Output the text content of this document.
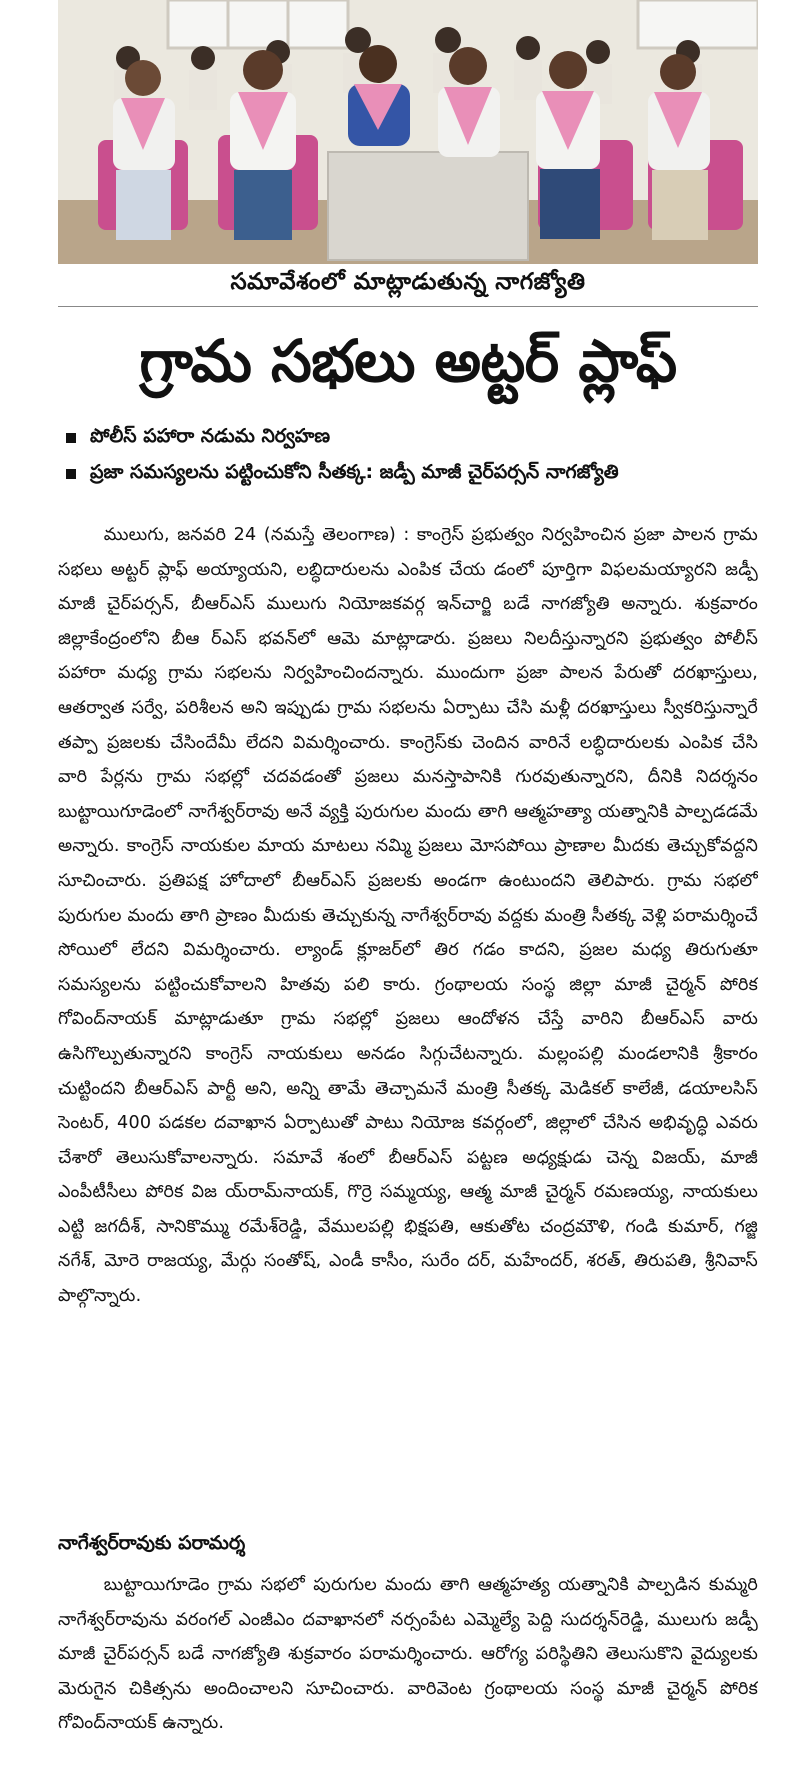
సమావేశంలో మాట్లాడుతున్న నాగజ్యోతి
గ్రామ సభలు అట్టర్ ప్లాఫ్
పోలీస్ పహారా నడుమ నిర్వహణ
ప్రజా సమస్యలను పట్టించుకోని సీతక్క: జడ్పీ మాజీ చైర్‌పర్సన్ నాగజ్యోతి
ములుగు, జనవరి 24 (నమస్తే తెలంగాణ) : కాంగ్రెస్ ప్రభుత్వం నిర్వహించిన ప్రజా పాలన గ్రామ సభలు అట్టర్ ప్లాఫ్ అయ్యాయని, లబ్ధిదారులను ఎంపిక చేయ డంలో పూర్తిగా విఫలమయ్యారని జడ్పీ మాజీ చైర్‌పర్సన్, బీఆర్‌ఎస్ ములుగు నియోజకవర్గ ఇన్‌చార్జి బడే నాగజ్యోతి అన్నారు. శుక్రవారం జిల్లాకేంద్రంలోని బీఆ ర్‌ఎస్ భవన్‌లో ఆమె మాట్లాడారు. ప్రజలు నిలదీస్తున్నారని ప్రభుత్వం పోలీస్ పహారా మధ్య గ్రామ సభలను నిర్వహించిందన్నారు. ముందుగా ప్రజా పాలన పేరుతో దరఖాస్తులు, ఆతర్వాత సర్వే, పరిశీలన అని ఇప్పుడు గ్రామ సభలను ఏర్పాటు చేసి మళ్లీ దరఖాస్తులు స్వీకరిస్తున్నారే తప్పా ప్రజలకు చేసిందేమీ లేదని విమర్శించారు. కాంగ్రెస్‌కు చెందిన వారినే లబ్ధిదారులకు ఎంపిక చేసి వారి పేర్లను గ్రామ సభల్లో చదవడంతో ప్రజలు మనస్తాపానికి గురవుతున్నారని, దీనికి నిదర్శనం బుట్టాయిగూడెంలో నాగేశ్వర్‌రావు అనే వ్యక్తి పురుగుల మందు తాగి ఆత్మహత్యా యత్నానికి పాల్పడడమే అన్నారు. కాంగ్రెస్ నాయకుల మాయ మాటలు నమ్మి ప్రజలు మోసపోయి ప్రాణాల మీదకు తెచ్చుకోవద్దని సూచించారు. ప్రతిపక్ష హోదాలో బీఆర్‌ఎస్ ప్రజలకు అండగా ఉంటుందని తెలిపారు. గ్రామ సభలో పురుగుల మందు తాగి ప్రాణం మీదుకు తెచ్చుకున్న నాగేశ్వర్‌రావు వద్దకు మంత్రి సీతక్క వెళ్లి పరామర్శించే సోయిలో లేదని విమర్శించారు. ల్యాండ్ క్లూజర్‌లో తిర గడం కాదని, ప్రజల మధ్య తిరుగుతూ సమస్యలను పట్టించుకోవాలని హితవు పలి కారు. గ్రంథాలయ సంస్థ జిల్లా మాజీ చైర్మన్ పోరిక గోవింద్‌నాయక్ మాట్లాడుతూ గ్రామ సభల్లో ప్రజలు ఆందోళన చేస్తే వారిని బీఆర్‌ఎస్ వారు ఉసిగొల్పుతున్నారని కాంగ్రెస్ నాయకులు అనడం సిగ్గుచేటన్నారు. మల్లంపల్లి మండలానికి శ్రీకారం చుట్టిందని బీఆర్‌ఎస్ పార్టీ అని, అన్ని తామే తెచ్చామనే మంత్రి సీతక్క మెడికల్ కాలేజీ, డయాలసిస్ సెంటర్, 400 పడకల దవాఖాన ఏర్పాటుతో పాటు నియోజ కవర్గంలో, జిల్లాలో చేసిన అభివృద్ధి ఎవరు చేశారో తెలుసుకోవాలన్నారు. సమావే శంలో బీఆర్‌ఎస్ పట్టణ అధ్యక్షుడు చెన్న విజయ్, మాజీ ఎంపీటీసీలు పోరిక విజ య్‌రామ్‌నాయక్, గొర్రె సమ్మయ్య, ఆత్మ మాజీ చైర్మన్ రమణయ్య, నాయకులు ఎట్టి జగదీశ్, సానికొమ్ము రమేశ్‌రెడ్డి, వేములపల్లి భిక్షపతి, ఆకుతోట చంద్రమౌళి, గండి కుమార్, గజ్జి నగేశ్, మోరె రాజయ్య, మేర్గు సంతోష్, ఎండీ కాసీం, సురేం దర్, మహేందర్, శరత్, తిరుపతి, శ్రీనివాస్ పాల్గొన్నారు.
నాగేశ్వర్‌రావుకు పరామర్శ
బుట్టాయిగూడెం గ్రామ సభలో పురుగుల మందు తాగి ఆత్మహత్య యత్నానికి పాల్పడిన కుమ్మరి నాగేశ్వర్‌రావును వరంగల్ ఎంజీఎం దవాఖానలో నర్సంపేట ఎమ్మెల్యే పెద్ది సుదర్శన్‌రెడ్డి, ములుగు జడ్పీ మాజీ చైర్‌పర్సన్ బడే నాగజ్యోతి శుక్రవారం పరామర్శించారు. ఆరోగ్య పరిస్థితిని తెలుసుకొని వైద్యులకు మెరుగైన చికిత్సను అందించాలని సూచించారు. వారివెంట గ్రంథాలయ సంస్థ మాజీ చైర్మన్ పోరిక గోవింద్‌నాయక్ ఉన్నారు.
